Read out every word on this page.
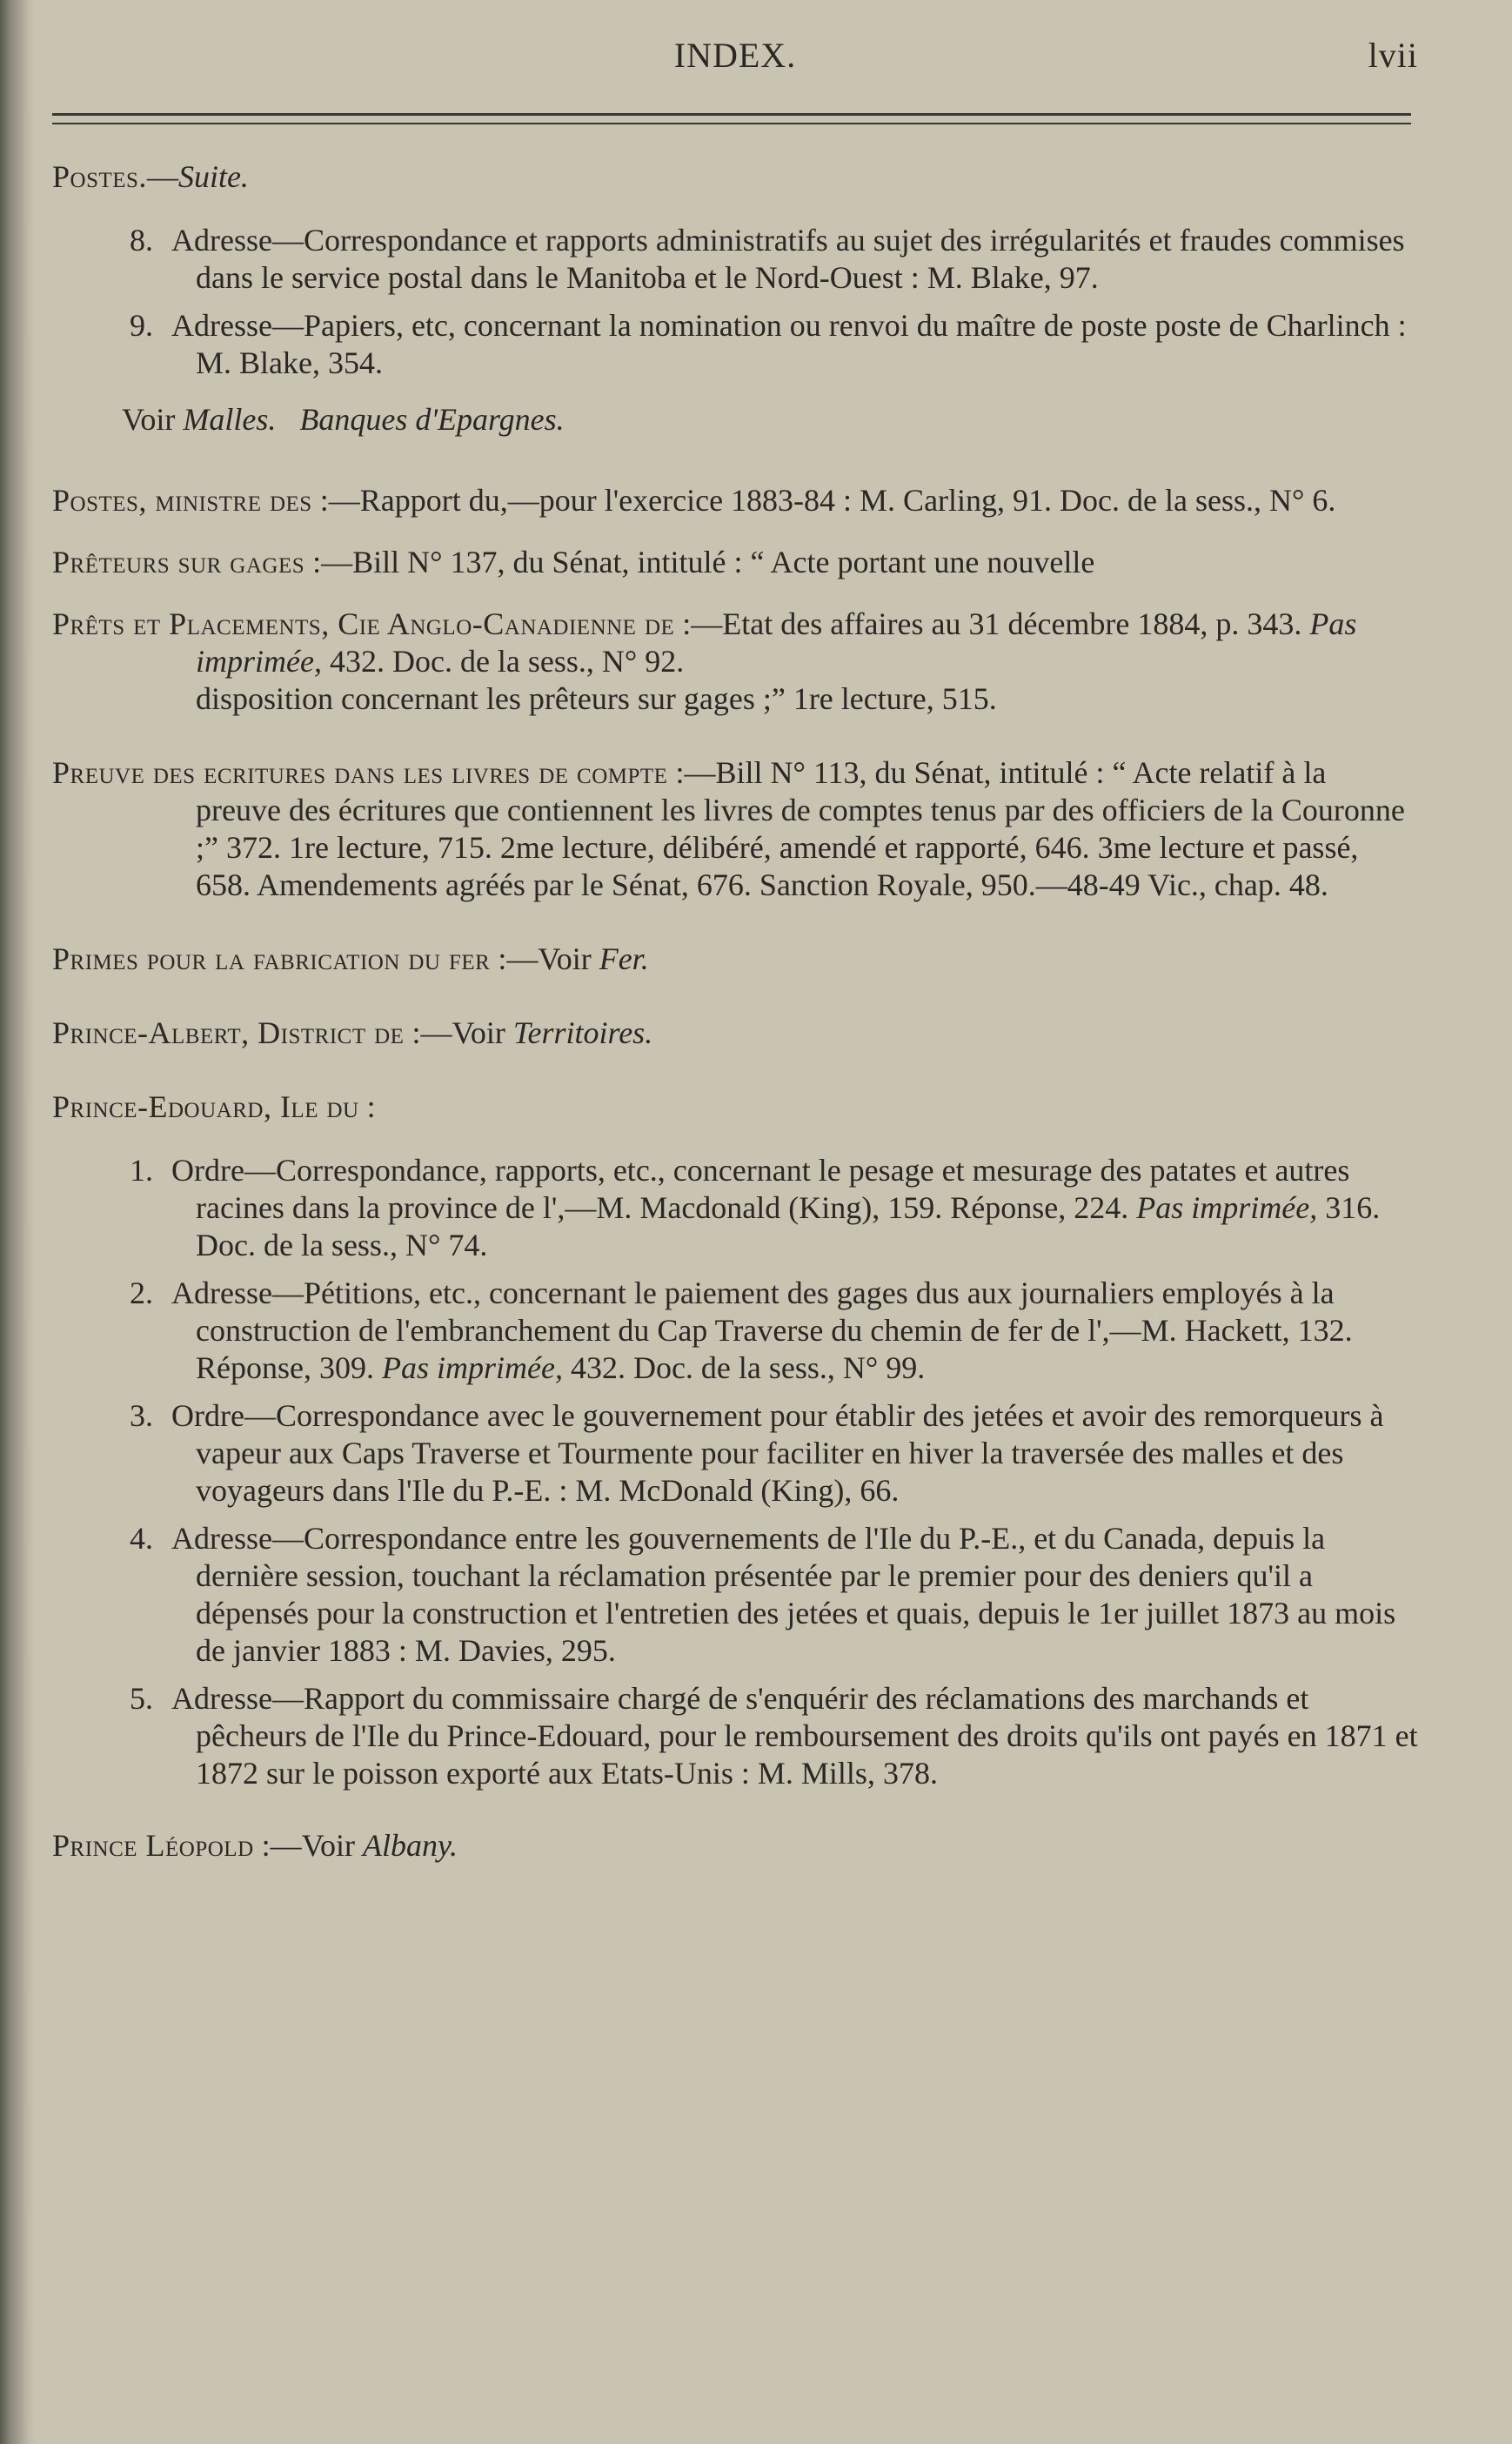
INDEX.	lvii
Postes.—Suite.
8. Adresse—Correspondance et rapports administratifs au sujet des irrégularités et fraudes commises dans le service postal dans le Manitoba et le Nord-Ouest : M. Blake, 97.
9. Adresse—Papiers, etc, concernant la nomination ou renvoi du maître de poste poste de Charlinch : M. Blake, 354.
Voir Malles. Banques d'Epargnes.
Postes, ministre des :—Rapport du,—pour l'exercice 1883-84 : M. Carling, 91. Doc. de la sess., N° 6.
Prêteurs sur gages :—Bill N° 137, du Sénat, intitulé : “ Acte portant une nouvelle
Prêts et Placements, Cie Anglo-Canadienne de :—Etat des affaires au 31 décembre 1884, p. 343. Pas imprimée, 432. Doc. de la sess., N° 92.
disposition concernant les prêteurs sur gages ;” 1re lecture, 515.
Preuve des ecritures dans les livres de compte :—Bill N° 113, du Sénat, intitulé : “ Acte relatif à la preuve des écritures que contiennent les livres de comptes tenus par des officiers de la Couronne ;” 372. 1re lecture, 715. 2me lecture, délibéré, amendé et rapporté, 646. 3me lecture et passé, 658. Amendements agréés par le Sénat, 676. Sanction Royale, 950.—48-49 Vic., chap. 48.
Primes pour la fabrication du fer :—Voir Fer.
Prince-Albert, District de :—Voir Territoires.
Prince-Edouard, Ile du :
1. Ordre—Correspondance, rapports, etc., concernant le pesage et mesurage des patates et autres racines dans la province de l',—M. Macdonald (King), 159. Réponse, 224. Pas imprimée, 316. Doc. de la sess., N° 74.
2. Adresse—Pétitions, etc., concernant le paiement des gages dus aux journaliers employés à la construction de l'embranchement du Cap Traverse du chemin de fer de l',—M. Hackett, 132. Réponse, 309. Pas imprimée, 432. Doc. de la sess., N° 99.
3. Ordre—Correspondance avec le gouvernement pour établir des jetées et avoir des remorqueurs à vapeur aux Caps Traverse et Tourmente pour faciliter en hiver la traversée des malles et des voyageurs dans l'Ile du P.-E. : M. McDonald (King), 66.
4. Adresse—Correspondance entre les gouvernements de l'Ile du P.-E., et du Canada, depuis la dernière session, touchant la réclamation présentée par le premier pour des deniers qu'il a dépensés pour la construction et l'entretien des jetées et quais, depuis le 1er juillet 1873 au mois de janvier 1883 : M. Davies, 295.
5. Adresse—Rapport du commissaire chargé de s'enquérir des réclamations des marchands et pêcheurs de l'Ile du Prince-Edouard, pour le remboursement des droits qu'ils ont payés en 1871 et 1872 sur le poisson exporté aux Etats-Unis : M. Mills, 378.
Prince Léopold :—Voir Albany.
